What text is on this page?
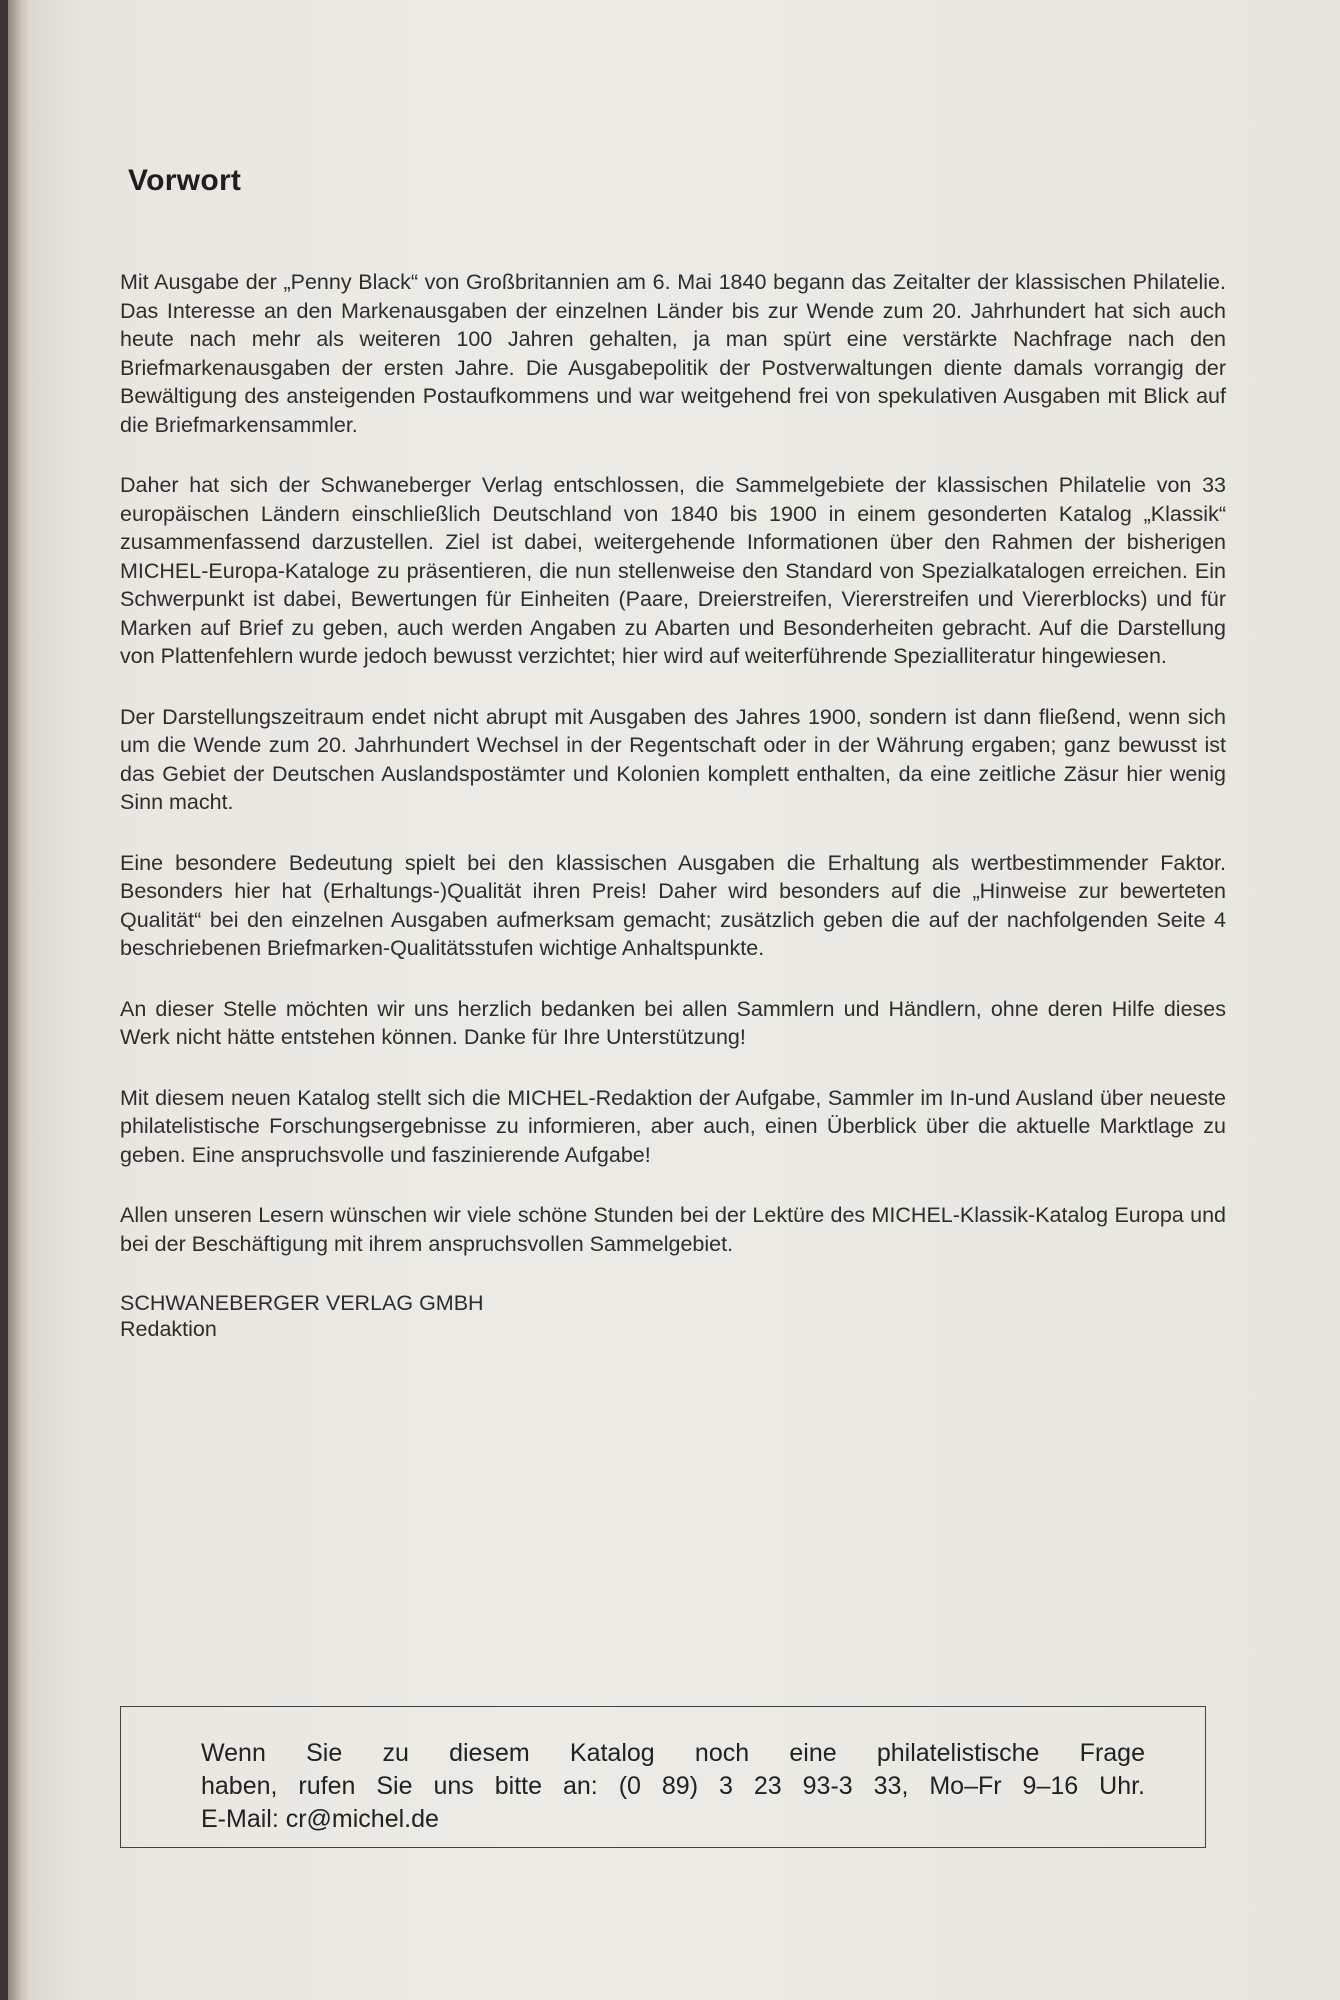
Vorwort

Mit Ausgabe der „Penny Black“ von Großbritannien am 6. Mai 1840 begann das Zeitalter der klassischen Philatelie. Das Interesse an den Markenausgaben der einzelnen Länder bis zur Wende zum 20. Jahrhundert hat sich auch heute nach mehr als weiteren 100 Jahren gehalten, ja man spürt eine verstärkte Nachfrage nach den Briefmarkenausgaben der ersten Jahre. Die Ausgabepolitik der Postverwaltungen diente damals vorrangig der Bewältigung des ansteigenden Postaufkommens und war weitgehend frei von spekulativen Ausgaben mit Blick auf die Briefmarkensammler.

Daher hat sich der Schwaneberger Verlag entschlossen, die Sammelgebiete der klassischen Philatelie von 33 europäischen Ländern einschließlich Deutschland von 1840 bis 1900 in einem gesonderten Katalog „Klassik“ zusammenfassend darzustellen. Ziel ist dabei, weitergehende Informationen über den Rahmen der bisherigen MICHEL-Europa-Kataloge zu präsentieren, die nun stellenweise den Standard von Spezialkatalogen erreichen. Ein Schwerpunkt ist dabei, Bewertungen für Einheiten (Paare, Dreierstreifen, Viererstreifen und Viererblocks) und für Marken auf Brief zu geben, auch werden Angaben zu Abarten und Besonderheiten gebracht. Auf die Darstellung von Plattenfehlern wurde jedoch bewusst verzichtet; hier wird auf weiterführende Spezialliteratur hingewiesen.

Der Darstellungszeitraum endet nicht abrupt mit Ausgaben des Jahres 1900, sondern ist dann fließend, wenn sich um die Wende zum 20. Jahrhundert Wechsel in der Regentschaft oder in der Währung ergaben; ganz bewusst ist das Gebiet der Deutschen Auslandspostämter und Kolonien komplett enthalten, da eine zeitliche Zäsur hier wenig Sinn macht.

Eine besondere Bedeutung spielt bei den klassischen Ausgaben die Erhaltung als wertbestimmender Faktor. Besonders hier hat (Erhaltungs-)Qualität ihren Preis! Daher wird besonders auf die „Hinweise zur bewerteten Qualität“ bei den einzelnen Ausgaben aufmerksam gemacht; zusätzlich geben die auf der nachfolgenden Seite 4 beschriebenen Briefmarken-Qualitätsstufen wichtige Anhaltspunkte.

An dieser Stelle möchten wir uns herzlich bedanken bei allen Sammlern und Händlern, ohne deren Hilfe dieses Werk nicht hätte entstehen können. Danke für Ihre Unterstützung!

Mit diesem neuen Katalog stellt sich die MICHEL-Redaktion der Aufgabe, Sammler im In-und Ausland über neueste philatelistische Forschungsergebnisse zu informieren, aber auch, einen Überblick über die aktuelle Marktlage zu geben. Eine anspruchsvolle und faszinierende Aufgabe!

Allen unseren Lesern wünschen wir viele schöne Stunden bei der Lektüre des MICHEL-Klassik-Katalog Europa und bei der Beschäftigung mit ihrem anspruchsvollen Sammelgebiet.

SCHWANEBERGER VERLAG GMBH
Redaktion
Wenn Sie zu diesem Katalog noch eine philatelistische Frage
haben, rufen Sie uns bitte an: (0 89) 3 23 93-3 33, Mo–Fr 9–16 Uhr.
E-Mail: cr@michel.de
